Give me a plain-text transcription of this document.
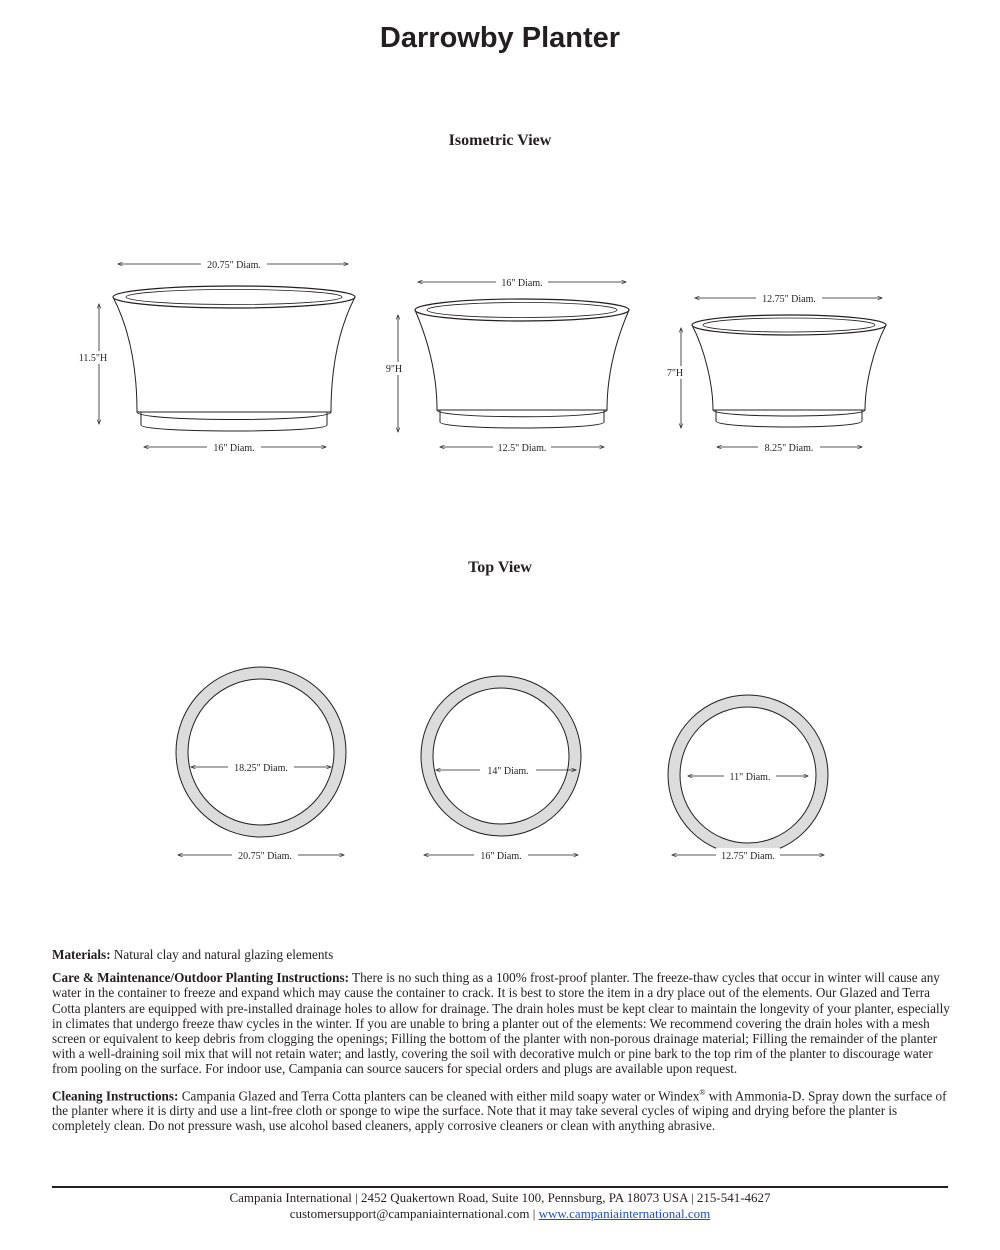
Darrowby Planter
Isometric View
Top View
20.75" Diam.
16" Diam.
11.5"H
16" Diam.
12.5" Diam.
9"H
12.75" Diam.
8.25" Diam.
7"H
18.25" Diam.
20.75" Diam.
14" Diam.
16" Diam.
11" Diam.
12.75" Diam.

Materials: Natural clay and natural glazing elements

Care & Maintenance/Outdoor Planting Instructions: There is no such thing as a 100% frost-proof planter. The freeze-thaw cycles that occur in winter will cause any water in the container to freeze and expand which may cause the container to crack. It is best to store the item in a dry place out of the elements. Our Glazed and Terra Cotta planters are equipped with pre-installed drainage holes to allow for drainage. The drain holes must be kept clear to maintain the longevity of your planter, especially in climates that undergo freeze thaw cycles in the winter. If you are unable to bring a planter out of the elements: We recommend covering the drain holes with a mesh screen or equivalent to keep debris from clogging the openings; Filling the bottom of the planter with non-porous drainage material; Filling the remainder of the planter with a well-draining soil mix that will not retain water; and lastly, covering the soil with decorative mulch or pine bark to the top rim of the planter to discourage water from pooling on the surface. For indoor use, Campania can source saucers for special orders and plugs are available upon request.

Cleaning Instructions: Campania Glazed and Terra Cotta planters can be cleaned with either mild soapy water or Windex® with Ammonia-D. Spray down the surface of the planter where it is dirty and use a lint-free cloth or sponge to wipe the surface. Note that it may take several cycles of wiping and drying before the planter is completely clean. Do not pressure wash, use alcohol based cleaners, apply corrosive cleaners or clean with anything abrasive.

Campania International | 2452 Quakertown Road, Suite 100, Pennsburg, PA 18073 USA | 215-541-4627
customersupport@campaniainternational.com | www.campaniainternational.com
